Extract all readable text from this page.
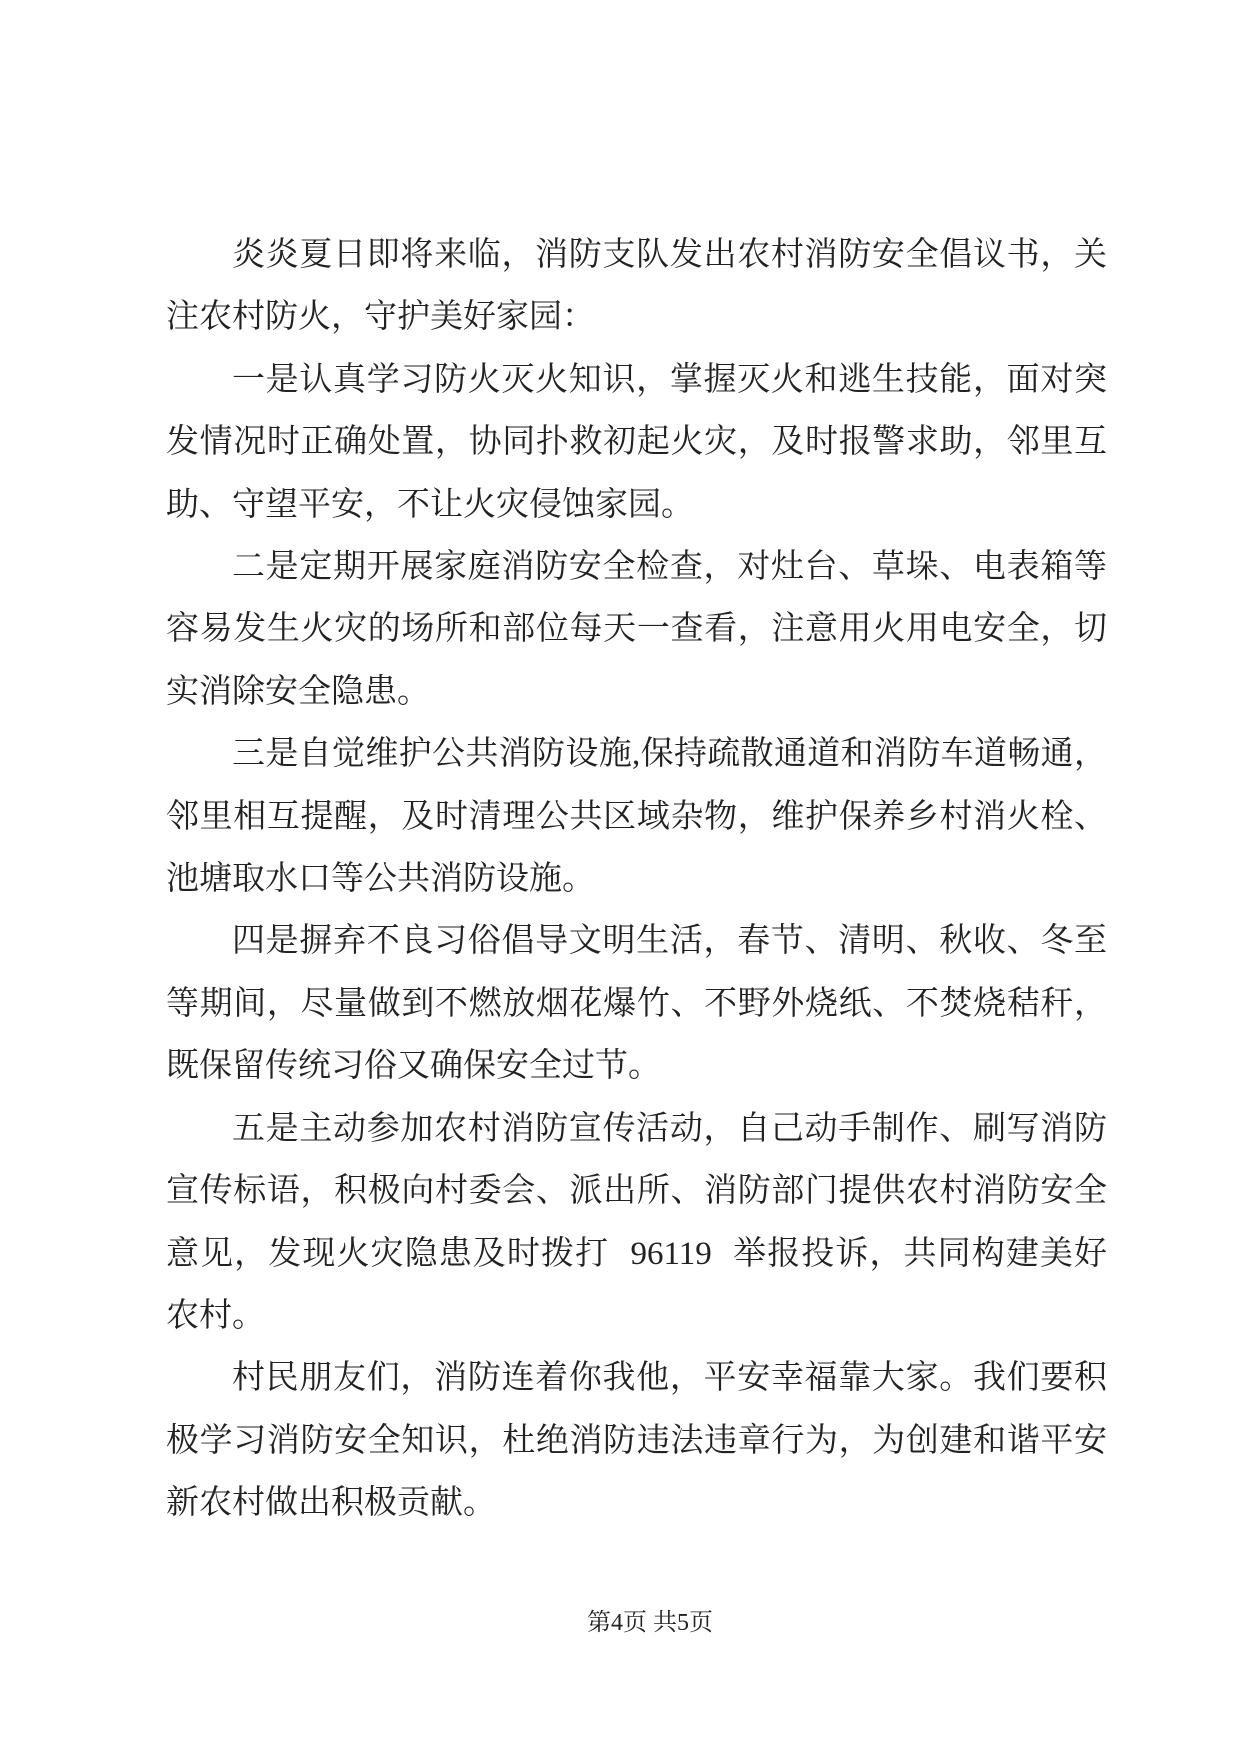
炎炎夏日即将来临，消防支队发出农村消防安全倡议书，关注农村防火，守护美好家园：

一是认真学习防火灭火知识，掌握灭火和逃生技能，面对突发情况时正确处置，协同扑救初起火灾，及时报警求助，邻里互助、守望平安，不让火灾侵蚀家园。

二是定期开展家庭消防安全检查，对灶台、草垛、电表箱等容易发生火灾的场所和部位每天一查看，注意用火用电安全，切实消除安全隐患。

三是自觉维护公共消防设施,保持疏散通道和消防车道畅通，邻里相互提醒，及时清理公共区域杂物，维护保养乡村消火栓、池塘取水口等公共消防设施。

四是摒弃不良习俗倡导文明生活，春节、清明、秋收、冬至等期间，尽量做到不燃放烟花爆竹、不野外烧纸、不焚烧秸秆，既保留传统习俗又确保安全过节。

五是主动参加农村消防宣传活动，自己动手制作、刷写消防宣传标语，积极向村委会、派出所、消防部门提供农村消防安全意见，发现火灾隐患及时拨打 96119 举报投诉，共同构建美好农村。

村民朋友们，消防连着你我他，平安幸福靠大家。我们要积极学习消防安全知识，杜绝消防违法违章行为，为创建和谐平安新农村做出积极贡献。

第4页 共5页
